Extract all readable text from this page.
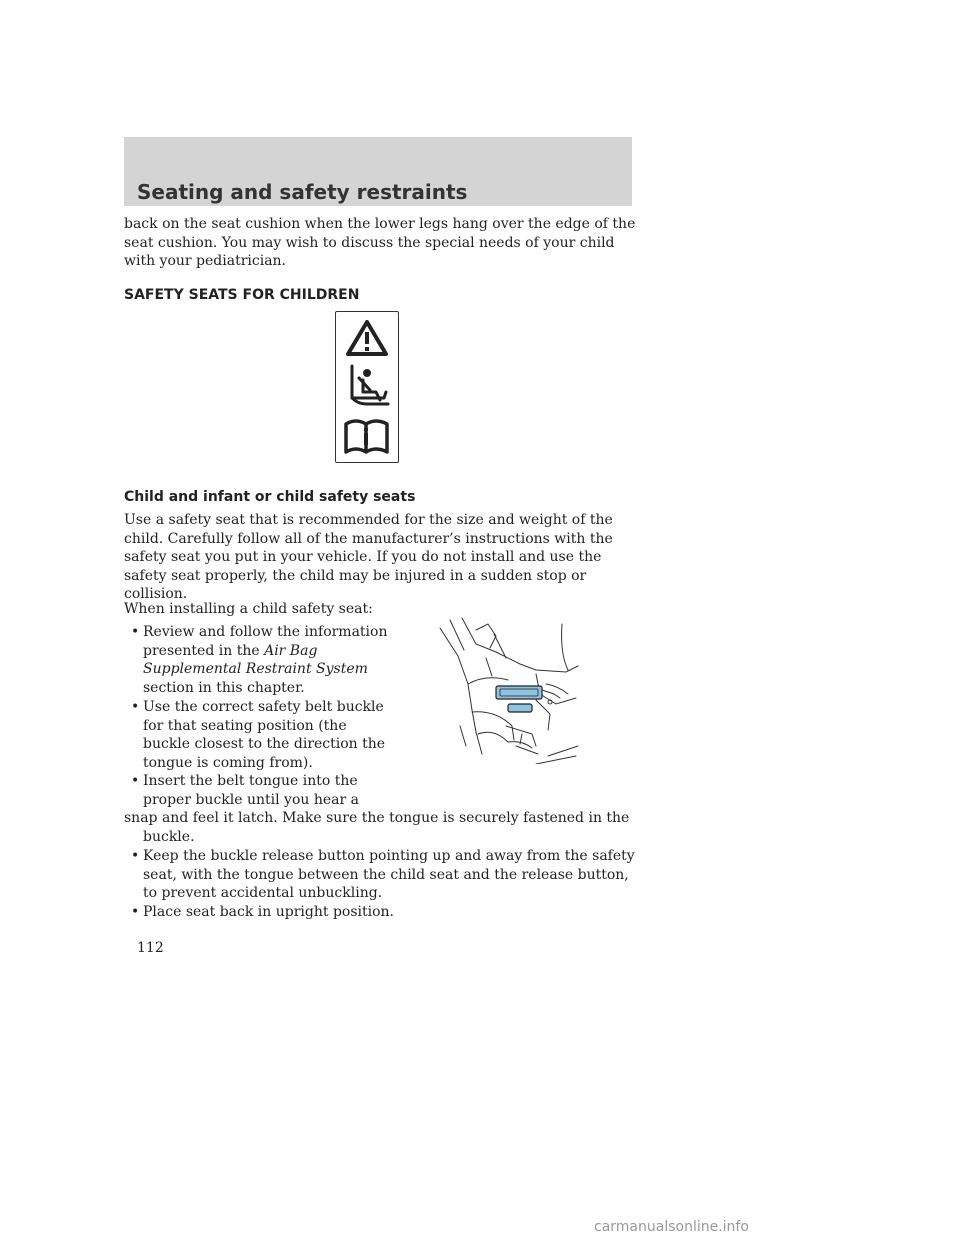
Seating and safety restraints

back on the seat cushion when the lower legs hang over the edge of the
seat cushion. You may wish to discuss the special needs of your child
with your pediatrician.

SAFETY SEATS FOR CHILDREN
Child and infant or child safety seats

Use a safety seat that is recommended for the size and weight of the
child. Carefully follow all of the manufacturer’s instructions with the
safety seat you put in your vehicle. If you do not install and use the
safety seat properly, the child may be injured in a sudden stop or
collision.

When installing a child safety seat:

• Review and follow the information
presented in the Air Bag
Supplemental Restraint System
section in this chapter.
• Use the correct safety belt buckle
for that seating position (the
buckle closest to the direction the
tongue is coming from).
• Insert the belt tongue into the
proper buckle until you hear a
snap and feel it latch. Make sure the tongue is securely fastened in the
buckle.
• Keep the buckle release button pointing up and away from the safety
seat, with the tongue between the child seat and the release button,
to prevent accidental unbuckling.
• Place seat back in upright position.

112

carmanualsonline.info
